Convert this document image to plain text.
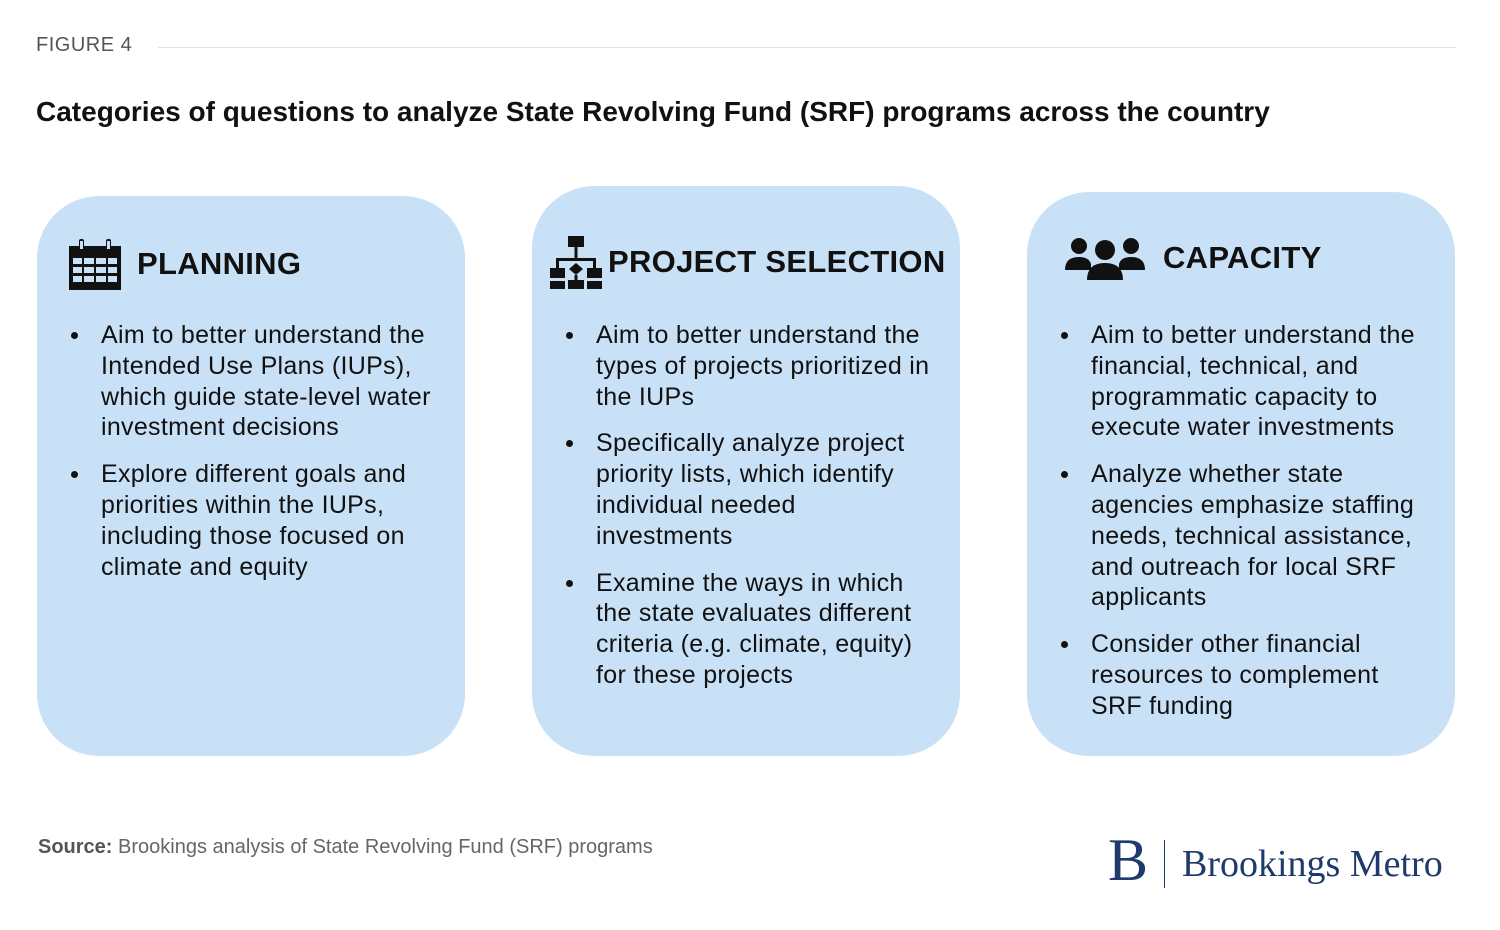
FIGURE 4
Categories of questions to analyze State Revolving Fund (SRF) programs across the country
PLANNING
Aim to better understand the Intended Use Plans (IUPs), which guide state-level water investment decisions
Explore different goals and priorities within the IUPs, including those focused on climate and equity
PROJECT SELECTION
Aim to better understand the types of projects prioritized in the IUPs
Specifically analyze project priority lists, which identify individual needed investments
Examine the ways in which the state evaluates different criteria (e.g. climate, equity) for these projects
CAPACITY
Aim to better understand the financial, technical, and programmatic capacity to execute water investments
Analyze whether state agencies emphasize staffing needs, technical assistance, and outreach for local SRF applicants
Consider other financial resources to complement SRF funding
Source: Brookings analysis of State Revolving Fund (SRF) programs	B Brookings Metro
